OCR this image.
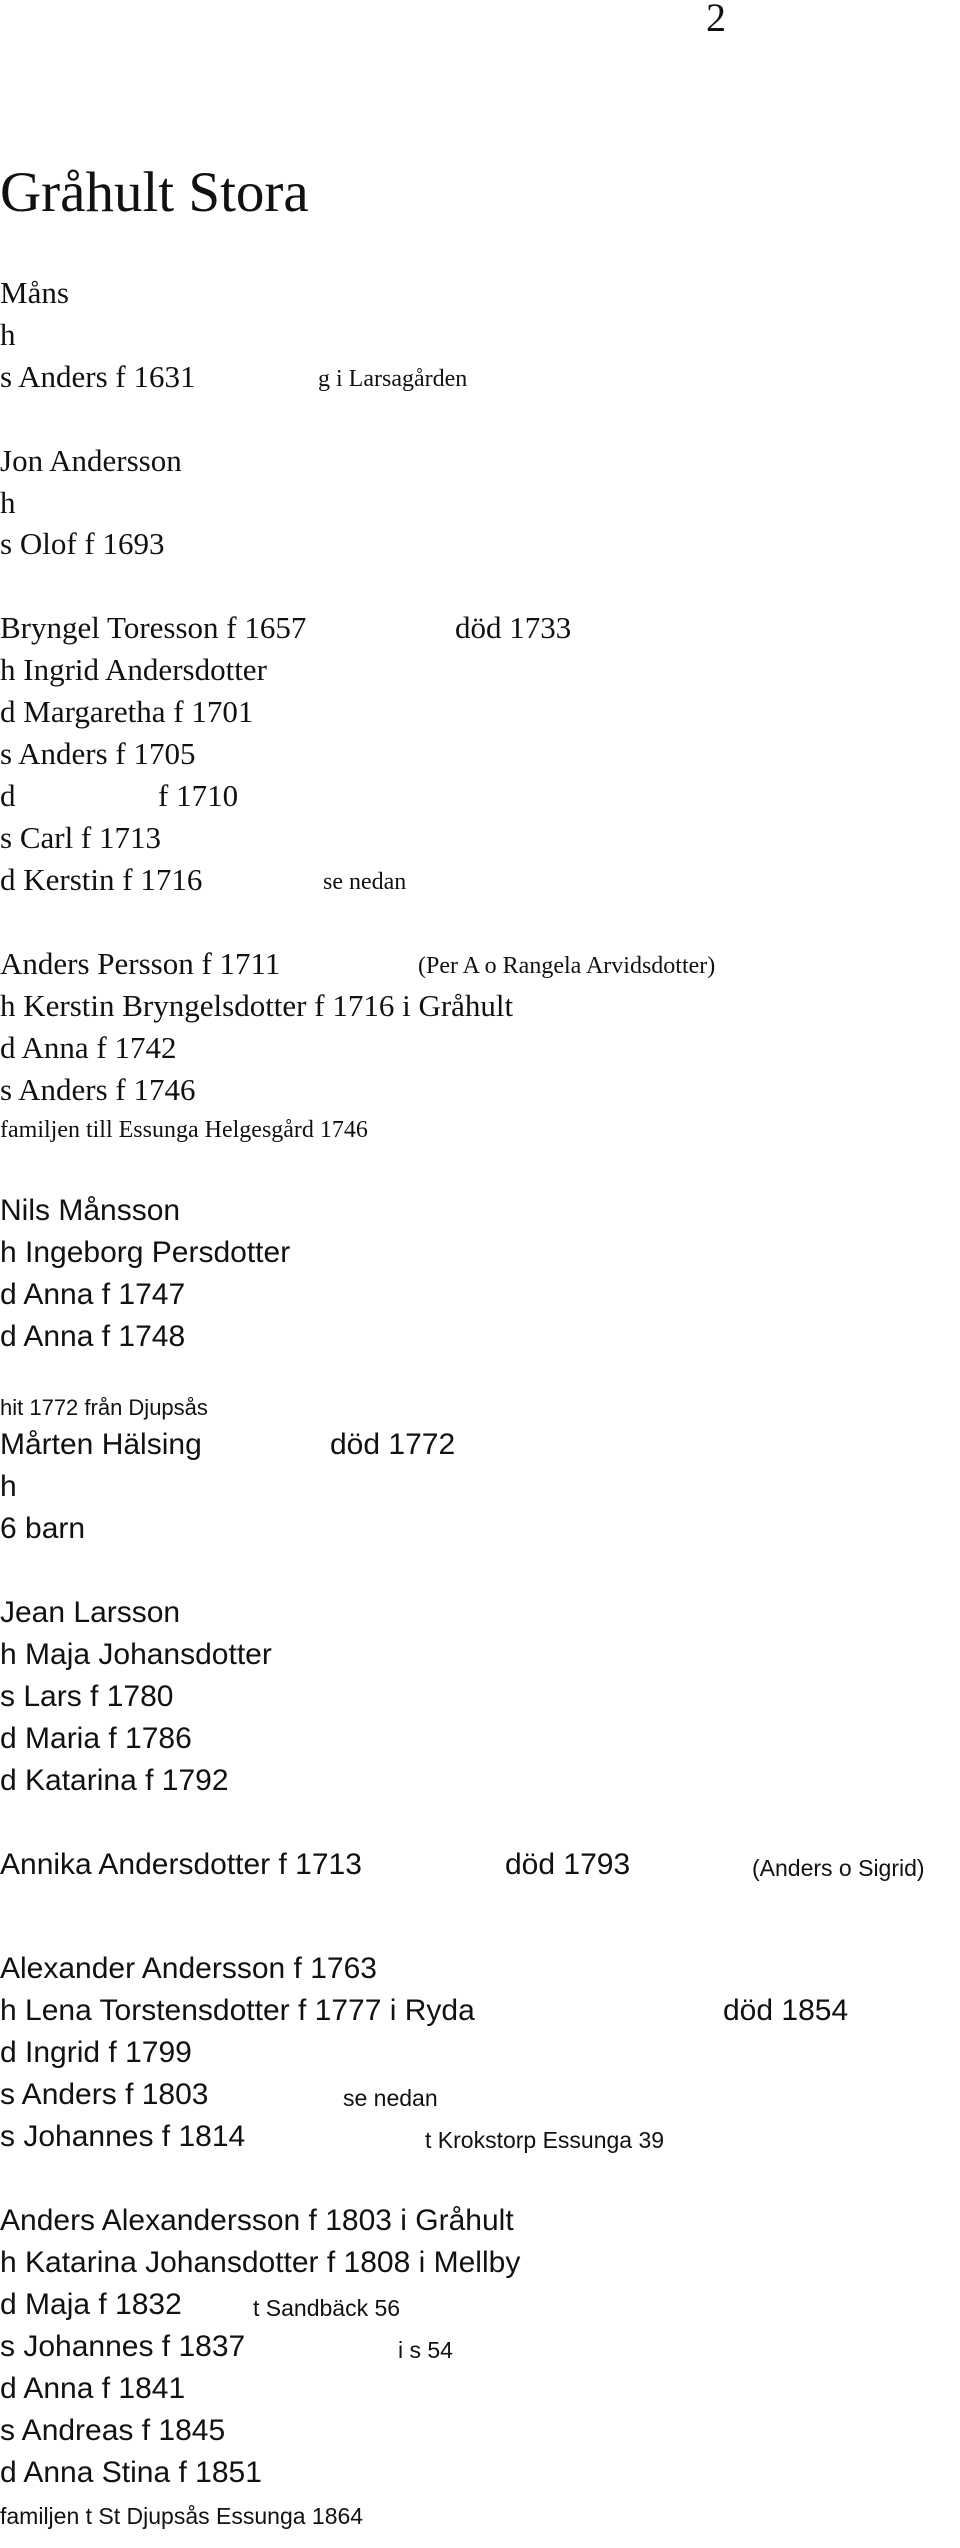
2
Gråhult Stora
Måns
h
s Anders f 1631	g i Larsagården
Jon Andersson
h
s Olof f 1693
Bryngel Toresson f 1657	död 1733
h Ingrid Andersdotter
d Margaretha f 1701
s Anders f 1705
d	f 1710
s Carl f 1713
d Kerstin f 1716	se nedan
Anders Persson f 1711	(Per A o Rangela Arvidsdotter)
h Kerstin Bryngelsdotter f 1716 i Gråhult
d Anna f 1742
s Anders f 1746
familjen till Essunga Helgesgård 1746
Nils Månsson
h Ingeborg Persdotter
d Anna f 1747
d Anna f 1748
hit 1772 från Djupsås
Mårten Hälsing	död 1772
h
6 barn
Jean Larsson
h Maja Johansdotter
s Lars f 1780
d Maria f 1786
d Katarina f 1792
Annika Andersdotter f 1713	död 1793	(Anders o Sigrid)
Alexander Andersson f 1763
h Lena Torstensdotter f 1777 i Ryda	död 1854
d Ingrid f 1799
s Anders f 1803	se nedan
s Johannes f 1814	t Krokstorp Essunga 39
Anders Alexandersson f 1803 i Gråhult
h Katarina Johansdotter f 1808 i Mellby
d Maja f 1832	t Sandbäck 56
s Johannes f 1837	i s 54
d Anna f 1841
s Andreas f 1845
d Anna Stina f 1851
familjen t St Djupsås Essunga 1864
